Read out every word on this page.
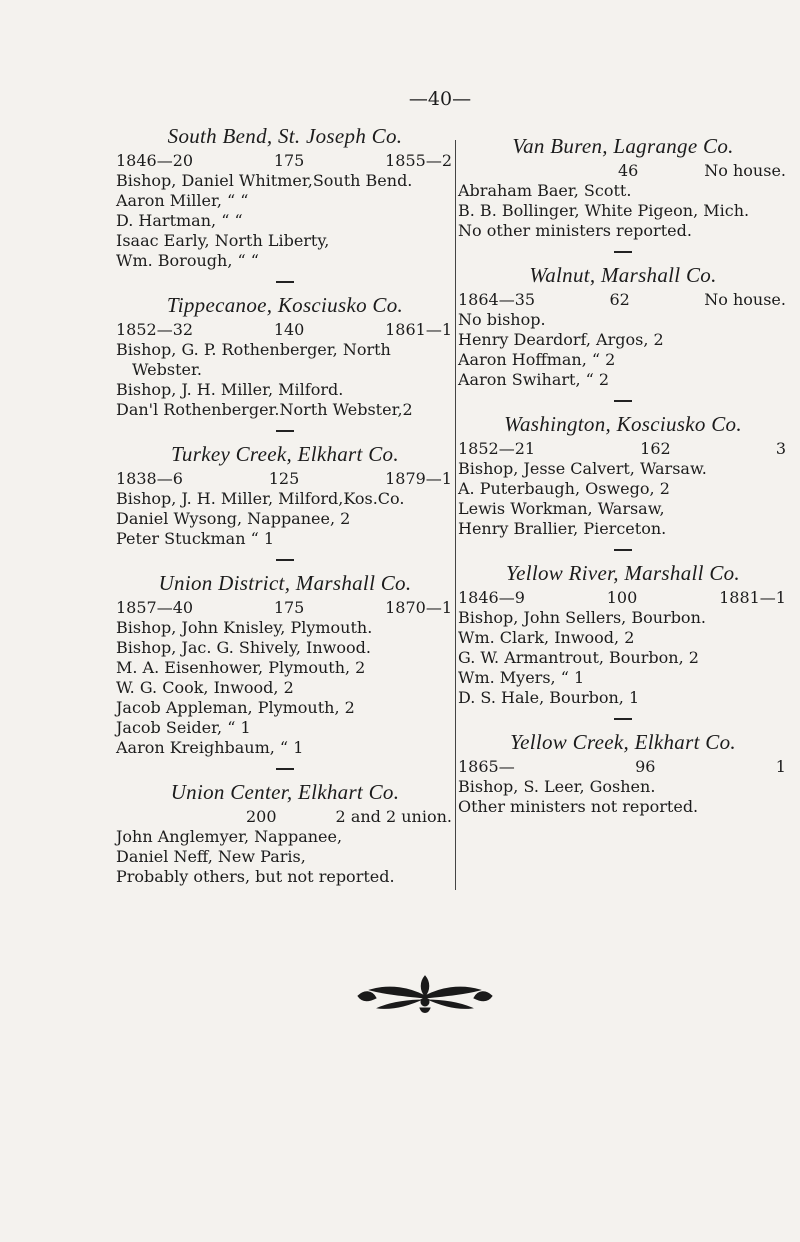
—40—
South Bend, St. Joseph Co.
1846—20	175	1855—2
Bishop, Daniel Whitmer,South Bend.
Aaron Miller, “ “
D. Hartman, “ “
Isaac Early, North Liberty,
Wm. Borough, “ “
Tippecanoe, Kosciusko Co.
1852—32	140	1861—1
Bishop, G. P. Rothenberger, North
Webster.
Bishop, J. H. Miller, Milford.
Dan'l Rothenberger.North Webster,2
Turkey Creek, Elkhart Co.
1838—6	125	1879—1
Bishop, J. H. Miller, Milford,Kos.Co.
Daniel Wysong, Nappanee, 2
Peter Stuckman “ 1
Union District, Marshall Co.
1857—40	175	1870—1
Bishop, John Knisley, Plymouth.
Bishop, Jac. G. Shively, Inwood.
M. A. Eisenhower, Plymouth, 2
W. G. Cook, Inwood, 2
Jacob Appleman, Plymouth, 2
Jacob Seider, “ 1
Aaron Kreighbaum, “ 1
Union Center, Elkhart Co.
200	2 and 2 union.
John Anglemyer, Nappanee,
Daniel Neff, New Paris,
Probably others, but not reported.
Van Buren, Lagrange Co.
46	No house.
Abraham Baer, Scott.
B. B. Bollinger, White Pigeon, Mich.
No other ministers reported.
Walnut, Marshall Co.
1864—35	62	No house.
No bishop.
Henry Deardorf, Argos, 2
Aaron Hoffman, “ 2
Aaron Swihart, “ 2
Washington, Kosciusko Co.
1852—21	162	3
Bishop, Jesse Calvert, Warsaw.
A. Puterbaugh, Oswego, 2
Lewis Workman, Warsaw,
Henry Brallier, Pierceton.
Yellow River, Marshall Co.
1846—9	100	1881—1
Bishop, John Sellers, Bourbon.
Wm. Clark, Inwood, 2
G. W. Armantrout, Bourbon, 2
Wm. Myers, “ 1
D. S. Hale, Bourbon, 1
Yellow Creek, Elkhart Co.
1865—	96	1
Bishop, S. Leer, Goshen.
Other ministers not reported.
